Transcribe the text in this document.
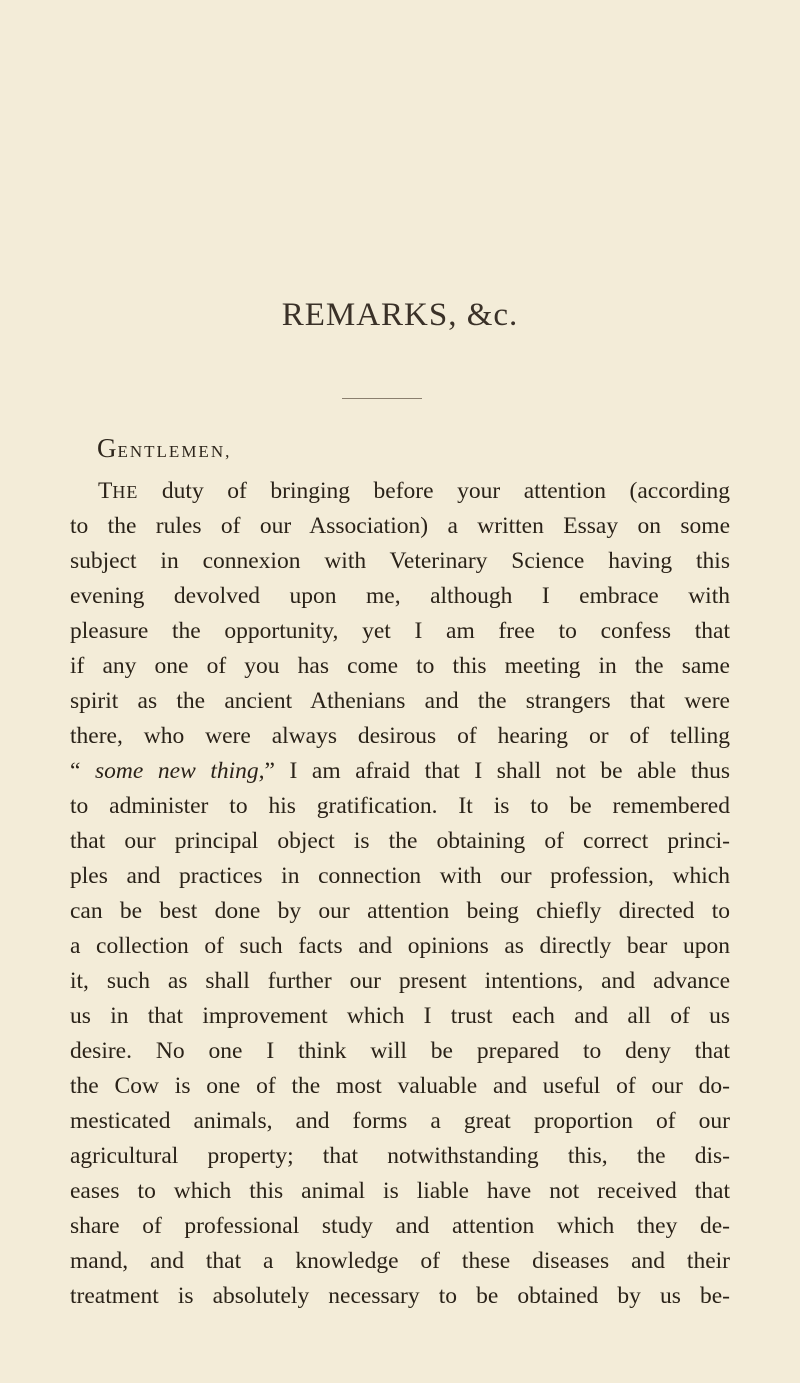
REMARKS, &c.
GENTLEMEN,
THE duty of bringing before your attention (according
to the rules of our Association) a written Essay on some
subject in connexion with Veterinary Science having this
evening devolved upon me, although I embrace with
pleasure the opportunity, yet I am free to confess that
if any one of you has come to this meeting in the same
spirit as the ancient Athenians and the strangers that were
there, who were always desirous of hearing or of telling
“ some new thing,” I am afraid that I shall not be able thus
to administer to his gratification. It is to be remembered
that our principal object is the obtaining of correct princi-
ples and practices in connection with our profession, which
can be best done by our attention being chiefly directed to
a collection of such facts and opinions as directly bear upon
it, such as shall further our present intentions, and advance
us in that improvement which I trust each and all of us
desire. No one I think will be prepared to deny that
the Cow is one of the most valuable and useful of our do-
mesticated animals, and forms a great proportion of our
agricultural property; that notwithstanding this, the dis-
eases to which this animal is liable have not received that
share of professional study and attention which they de-
mand, and that a knowledge of these diseases and their
treatment is absolutely necessary to be obtained by us be-
